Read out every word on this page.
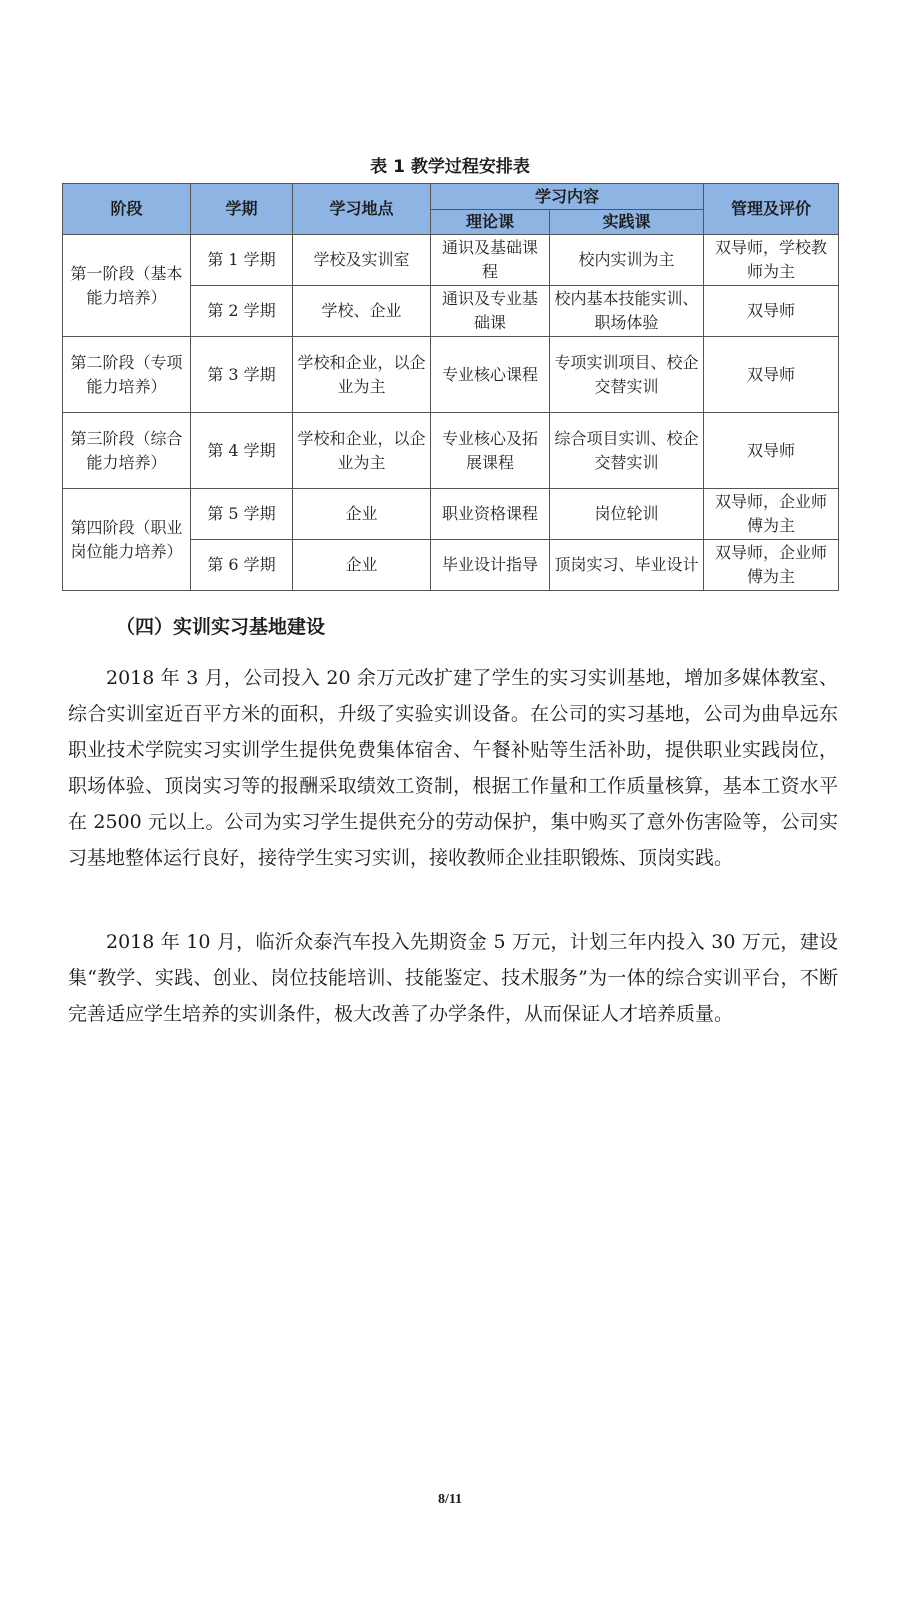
表 1 教学过程安排表
阶段	学期	学习地点	学习内容		管理及评价
			理论课	实践课	
第一阶段（基本能力培养）	第 1 学期	学校及实训室	通识及基础课程	校内实训为主	双导师，学校教师为主
	第 2 学期	学校、企业	通识及专业基础课	校内基本技能实训、职场体验	双导师
第二阶段（专项能力培养）	第 3 学期	学校和企业，以企业为主	专业核心课程	专项实训项目、校企交替实训	双导师
第三阶段（综合能力培养）	第 4 学期	学校和企业，以企业为主	专业核心及拓展课程	综合项目实训、校企交替实训	双导师
第四阶段（职业岗位能力培养）	第 5 学期	企业	职业资格课程	岗位轮训	双导师，企业师傅为主
	第 6 学期	企业	毕业设计指导	顶岗实习、毕业设计	双导师，企业师傅为主
（四）实训实习基地建设

2018 年 3 月，公司投入 20 余万元改扩建了学生的实习实训基地，增加多媒体教室、综合实训室近百平方米的面积，升级了实验实训设备。在公司的实习基地，公司为曲阜远东职业技术学院实习实训学生提供免费集体宿舍、午餐补贴等生活补助，提供职业实践岗位，职场体验、顶岗实习等的报酬采取绩效工资制，根据工作量和工作质量核算，基本工资水平在 2500 元以上。公司为实习学生提供充分的劳动保护，集中购买了意外伤害险等，公司实习基地整体运行良好，接待学生实习实训，接收教师企业挂职锻炼、顶岗实践。

2018 年 10 月，临沂众泰汽车投入先期资金 5 万元，计划三年内投入 30 万元，建设集“教学、实践、创业、岗位技能培训、技能鉴定、技术服务”为一体的综合实训平台，不断完善适应学生培养的实训条件，极大改善了办学条件，从而保证人才培养质量。

8/11
